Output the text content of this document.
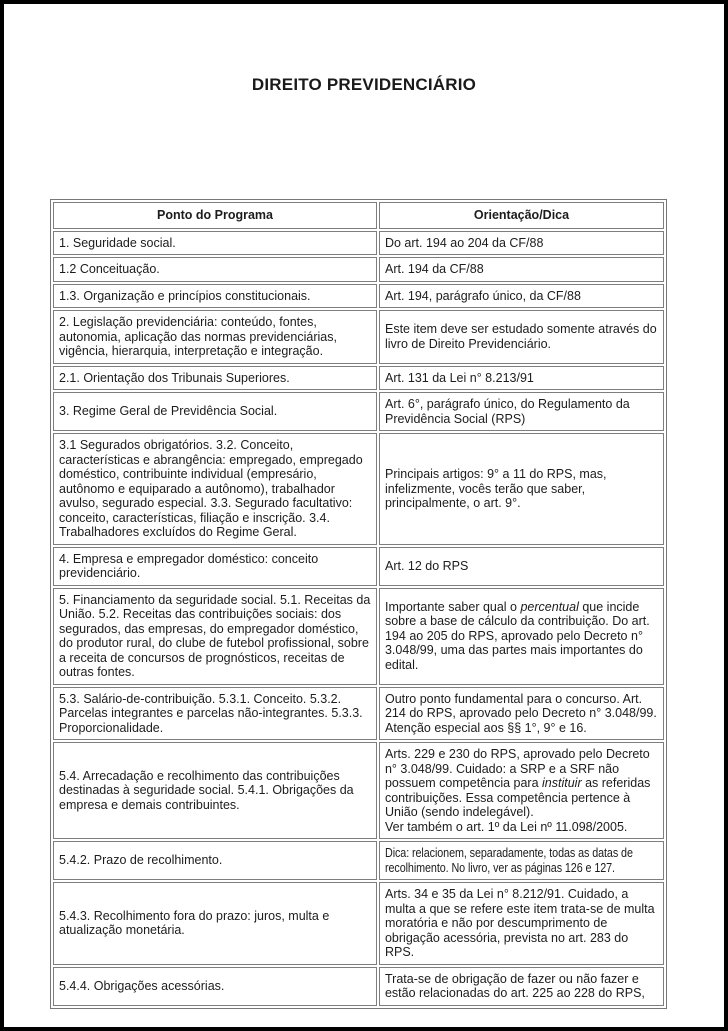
DIREITO PREVIDENCIÁRIO
Ponto do Programa	Orientação/Dica
1. Seguridade social.	Do art. 194 ao 204 da CF/88
1.2 Conceituação.	Art. 194 da CF/88
1.3. Organização e princípios constitucionais.	Art. 194, parágrafo único, da CF/88
2. Legislação previdenciária: conteúdo, fontes, autonomia, aplicação das normas previdenciárias, vigência, hierarquia, interpretação e integração.	Este item deve ser estudado somente através do livro de Direito Previdenciário.
2.1. Orientação dos Tribunais Superiores.	Art. 131 da Lei n° 8.213/91
3. Regime Geral de Previdência Social.	Art. 6°, parágrafo único, do Regulamento da Previdência Social (RPS)
3.1 Segurados obrigatórios. 3.2. Conceito, características e abrangência: empregado, empregado doméstico, contribuinte individual (empresário, autônomo e equiparado a autônomo), trabalhador avulso, segurado especial. 3.3. Segurado facultativo: conceito, características, filiação e inscrição. 3.4. Trabalhadores excluídos do Regime Geral.	Principais artigos: 9° a 11 do RPS, mas, infelizmente, vocês terão que saber, principalmente, o art. 9°.
4. Empresa e empregador doméstico: conceito previdenciário.	Art. 12 do RPS
5. Financiamento da seguridade social. 5.1. Receitas da União. 5.2. Receitas das contribuições sociais: dos segurados, das empresas, do empregador doméstico, do produtor rural, do clube de futebol profissional, sobre a receita de concursos de prognósticos, receitas de outras fontes.	Importante saber qual o percentual que incide sobre a base de cálculo da contribuição. Do art. 194 ao 205 do RPS, aprovado pelo Decreto n° 3.048/99, uma das partes mais importantes do edital.
5.3. Salário-de-contribuição. 5.3.1. Conceito. 5.3.2. Parcelas integrantes e parcelas não-integrantes. 5.3.3. Proporcionalidade.	Outro ponto fundamental para o concurso. Art. 214 do RPS, aprovado pelo Decreto n° 3.048/99. Atenção especial aos §§ 1°, 9° e 16.
5.4. Arrecadação e recolhimento das contribuições destinadas à seguridade social. 5.4.1. Obrigações da empresa e demais contribuintes.	Arts. 229 e 230 do RPS, aprovado pelo Decreto n° 3.048/99. Cuidado: a SRP e a SRF não possuem competência para instituir as referidas contribuições. Essa competência pertence à União (sendo indelegável).
Ver também o art. 1º da Lei nº 11.098/2005.
5.4.2. Prazo de recolhimento.	Dica: relacionem, separadamente, todas as datas de recolhimento. No livro, ver as páginas 126 e 127.

5.4.3. Recolhimento fora do prazo: juros, multa e atualização monetária.	Arts. 34 e 35 da Lei n° 8.212/91. Cuidado, a multa a que se refere este item trata-se de multa moratória e não por descumprimento de obrigação acessória, prevista no art. 283 do RPS.
5.4.4. Obrigações acessórias.	Trata-se de obrigação de fazer ou não fazer e estão relacionadas do art. 225 ao 228 do RPS,
